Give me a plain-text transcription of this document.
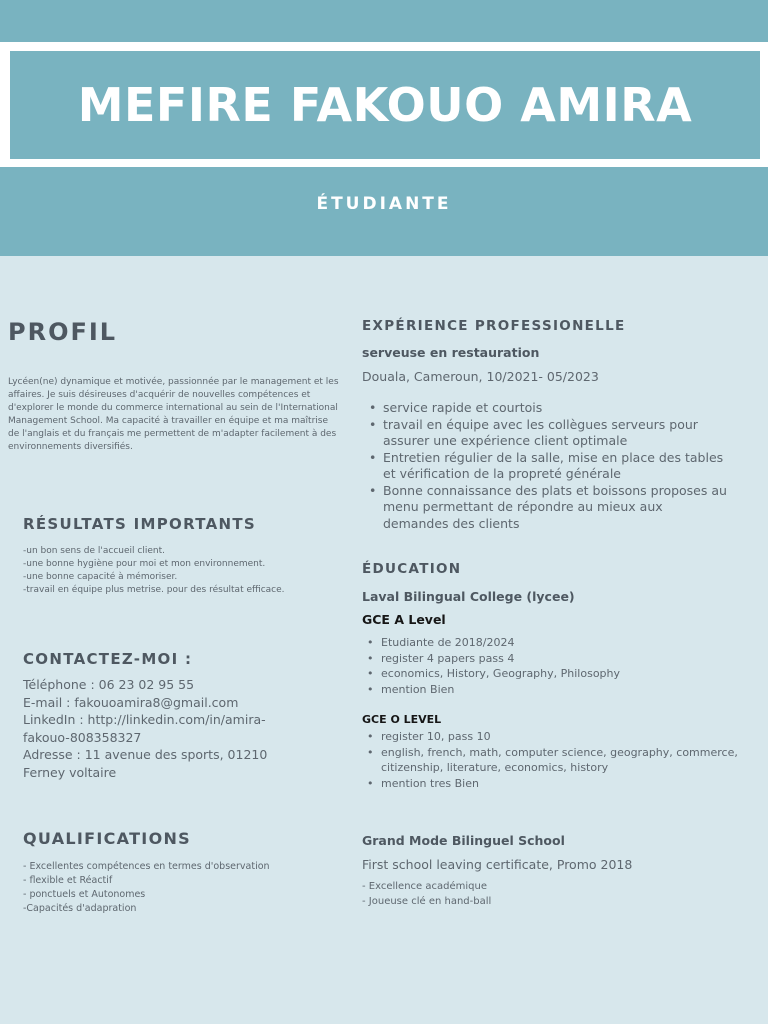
MEFIRE FAKOUO AMIRA
ÉTUDIANTE
PROFIL
Lycéen(ne) dynamique et motivée, passionnée par le management et les
affaires. Je suis désireuses d'acquérir de nouvelles compétences et
d'explorer le monde du commerce international au sein de l'International
Management School. Ma capacité à travailler en équipe et ma maîtrise
de l'anglais et du français me permettent de m'adapter facilement à des
environnements diversifiés.
RÉSULTATS IMPORTANTS
-un bon sens de l'accueil client.
-une bonne hygiène pour moi et mon environnement.
-une bonne capacité à mémoriser.
-travail en équipe plus metrise. pour des résultat efficace.
CONTACTEZ-MOI :
Téléphone : 06 23 02 95 55
E-mail : fakouoamira8@gmail.com
LinkedIn : http://linkedin.com/in/amira-
fakouo-808358327
Adresse : 11 avenue des sports, 01210
Ferney voltaire
QUALIFICATIONS
- Excellentes compétences en termes d'observation
- flexible et Réactif
- ponctuels et Autonomes
-Capacités d'adapration
EXPÉRIENCE PROFESSIONELLE
serveuse en restauration
Douala, Cameroun, 10/2021- 05/2023
• service rapide et courtois
• travail en équipe avec les collègues serveurs pour
assurer une expérience client optimale
• Entretien régulier de la salle, mise en place des tables
et vérification de la propreté générale
• Bonne connaissance des plats et boissons proposes au
menu permettant de répondre au mieux aux
demandes des clients
ÉDUCATION
Laval Bilingual College (lycee)
GCE A Level
• Etudiante de 2018/2024
• register 4 papers pass 4
• economics, History, Geography, Philosophy
• mention Bien
GCE O LEVEL
• register 10, pass 10
• english, french, math, computer science, geography, commerce,
citizenship, literature, economics, history
• mention tres Bien
Grand Mode Bilinguel School
First school leaving certificate, Promo 2018
- Excellence académique
- Joueuse clé en hand-ball
